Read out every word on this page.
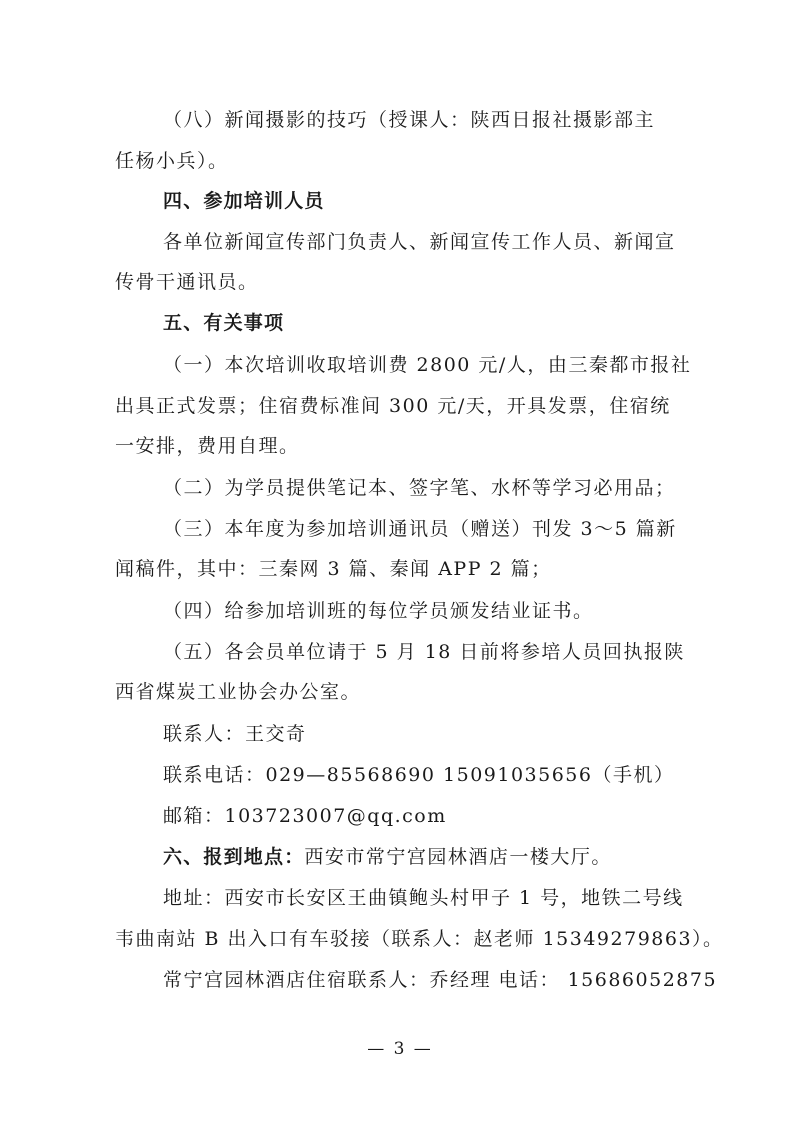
（八）新闻摄影的技巧（授课人：陕西日报社摄影部主
任杨小兵）。
四、参加培训人员
各单位新闻宣传部门负责人、新闻宣传工作人员、新闻宣
传骨干通讯员。
五、有关事项
（一）本次培训收取培训费 2800 元/人，由三秦都市报社
出具正式发票；住宿费标准间 300 元/天，开具发票，住宿统
一安排，费用自理。
（二）为学员提供笔记本、签字笔、水杯等学习必用品；
（三）本年度为参加培训通讯员（赠送）刊发 3～5 篇新
闻稿件，其中：三秦网 3 篇、秦闻 APP 2 篇；
（四）给参加培训班的每位学员颁发结业证书。
（五）各会员单位请于 5 月 18 日前将参培人员回执报陕
西省煤炭工业协会办公室。
联系人：王交奇
联系电话：029—85568690 15091035656（手机）
邮箱：103723007@qq.com
六、报到地点：西安市常宁宫园林酒店一楼大厅。
地址：西安市长安区王曲镇鲍头村甲子 1 号，地铁二号线
韦曲南站 B 出入口有车驳接（联系人：赵老师 15349279863）。
常宁宫园林酒店住宿联系人：乔经理 电话： 15686052875
— 3 —
